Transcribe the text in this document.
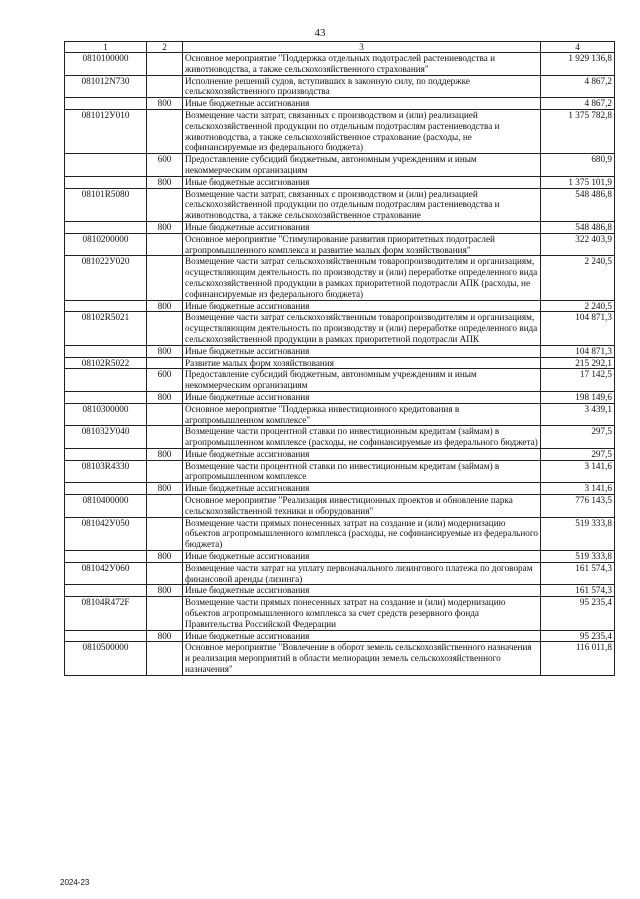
43
1	2	3	4
0810100000		Основное мероприятие "Поддержка отдельных подотраслей растениеводства и животноводства, а также сельскохозяйственного страхования"	1 929 136,8
081012N730		Исполнение решений судов, вступивших в законную силу, по поддержке сельскохозяйственного производства	4 867,2
	800	Иные бюджетные ассигнования	4 867,2
081012У010		Возмещение части затрат, связанных с производством и (или) реализацией сельскохозяйственной продукции по отдельным подотраслям растениеводства и животноводства, а также сельскохозяйственное страхование (расходы, не софинансируемые из федерального бюджета)	1 375 782,8
	600	Предоставление субсидий бюджетным, автономным учреждениям и иным некоммерческим организациям	680,9
	800	Иные бюджетные ассигнования	1 375 101,9
08101R5080		Возмещение части затрат, связанных с производством и (или) реализацией сельскохозяйственной продукции по отдельным подотраслям растениеводства и животноводства, а также сельскохозяйственное страхование	548 486,8
	800	Иные бюджетные ассигнования	548 486,8
0810200000		Основное мероприятие "Стимулирование развития приоритетных подотраслей агропромышленного комплекса и развитие малых форм хозяйствования"	322 403,9
081022У020		Возмещение части затрат сельскохозяйственным товаропроизводителям и организациям, осуществляющим деятельность по производству и (или) переработке определенного вида сельскохозяйственной продукции в рамках приоритетной подотрасли АПК (расходы, не софинансируемые из федерального бюджета)	2 240,5
	800	Иные бюджетные ассигнования	2 240,5
08102R5021		Возмещение части затрат сельскохозяйственным товаропроизводителям и организациям, осуществляющим деятельность по производству и (или) переработке определенного вида сельскохозяйственной продукции в рамках приоритетной подотрасли АПК	104 871,3
	800	Иные бюджетные ассигнования	104 871,3
08102R5022		Развитие малых форм хозяйствования	215 292,1
	600	Предоставление субсидий бюджетным, автономным учреждениям и иным некоммерческим организациям	17 142,5
	800	Иные бюджетные ассигнования	198 149,6
0810300000		Основное мероприятие "Поддержка инвестиционного кредитования в агропромышленном комплексе"	3 439,1
081032У040		Возмещение части процентной ставки по инвестиционным кредитам (займам) в агропромышленном комплексе (расходы, не софинансируемые из федерального бюджета)	297,5
	800	Иные бюджетные ассигнования	297,5
08103R4330		Возмещение части процентной ставки по инвестиционным кредитам (займам) в агропромышленном комплексе	3 141,6
	800	Иные бюджетные ассигнования	3 141,6
0810400000		Основное мероприятие "Реализация инвестиционных проектов и обновление парка сельскохозяйственной техники и оборудования"	776 143,5
081042У050		Возмещение части прямых понесенных затрат на создание и (или) модернизацию объектов агропромышленного комплекса (расходы, не софинансируемые из федерального бюджета)	519 333,8
	800	Иные бюджетные ассигнования	519 333,8
081042У060		Возмещение части затрат на уплату первоначального лизингового платежа по договорам финансовой аренды (лизинга)	161 574,3
	800	Иные бюджетные ассигнования	161 574,3
08104R472F		Возмещение части прямых понесенных затрат на создание и (или) модернизацию объектов агропромышленного комплекса за счет средств резервного фонда Правительства Российской Федерации	95 235,4
	800	Иные бюджетные ассигнования	95 235,4
0810500000		Основное мероприятие "Вовлечение в оборот земель сельскохозяйственного назначения и реализация мероприятий в области мелиорации земель сельскохозяйственного назначения"	116 011,8
2024-23
